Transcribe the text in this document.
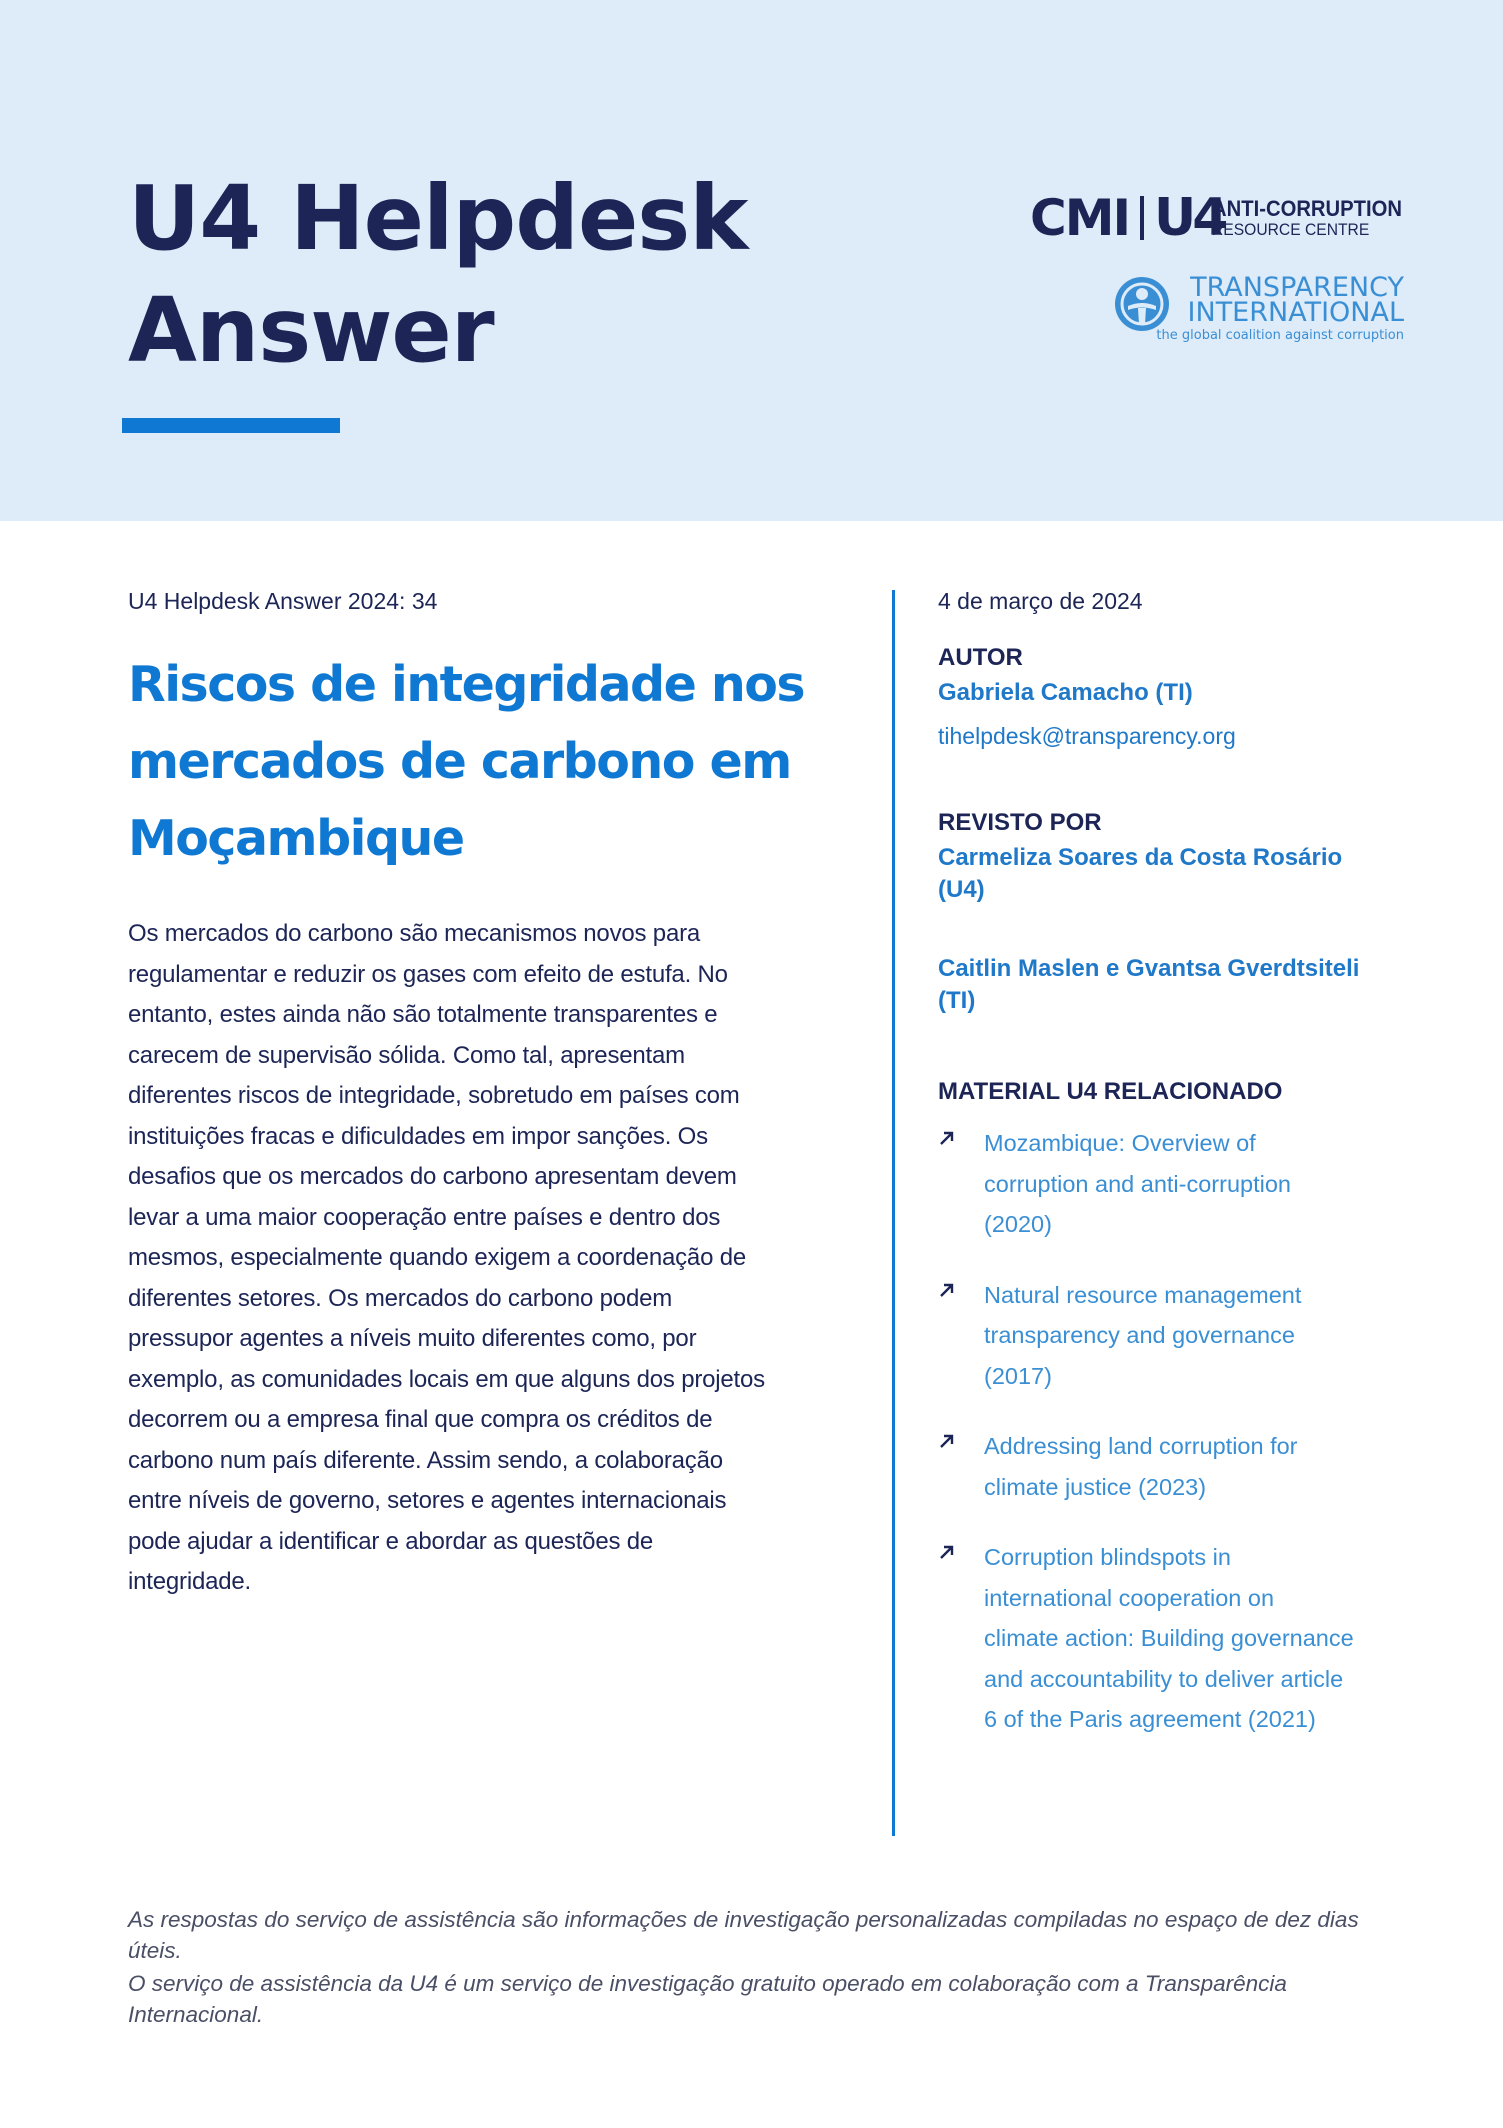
U4 Helpdesk
Answer
CMI U4
ANTI-CORRUPTION
RESOURCE CENTRE
TRANSPARENCY
INTERNATIONAL
the global coalition against corruption

U4 Helpdesk Answer 2024: 34

Riscos de integridade nos
mercados de carbono em
Moçambique

Os mercados do carbono são mecanismos novos para
regulamentar e reduzir os gases com efeito de estufa. No
entanto, estes ainda não são totalmente transparentes e
carecem de supervisão sólida. Como tal, apresentam
diferentes riscos de integridade, sobretudo em países com
instituições fracas e dificuldades em impor sanções. Os
desafios que os mercados do carbono apresentam devem
levar a uma maior cooperação entre países e dentro dos
mesmos, especialmente quando exigem a coordenação de
diferentes setores. Os mercados do carbono podem
pressupor agentes a níveis muito diferentes como, por
exemplo, as comunidades locais em que alguns dos projetos
decorrem ou a empresa final que compra os créditos de
carbono num país diferente. Assim sendo, a colaboração
entre níveis de governo, setores e agentes internacionais
pode ajudar a identificar e abordar as questões de
integridade.

4 de março de 2024

AUTOR

Gabriela Camacho (TI)

tihelpdesk@transparency.org

REVISTO POR

Carmeliza Soares da Costa Rosário

(U4)

Caitlin Maslen e Gvantsa Gverdtsiteli

(TI)

MATERIAL U4 RELACIONADO

Mozambique: Overview of
corruption and anti-corruption
(2020)

Natural resource management
transparency and governance
(2017)

Addressing land corruption for
climate justice (2023)

Corruption blindspots in
international cooperation on
climate action: Building governance
and accountability to deliver article
6 of the Paris agreement (2021)

As respostas do serviço de assistência são informações de investigação personalizadas compiladas no espaço de dez dias
úteis.

O serviço de assistência da U4 é um serviço de investigação gratuito operado em colaboração com a Transparência
Internacional.
